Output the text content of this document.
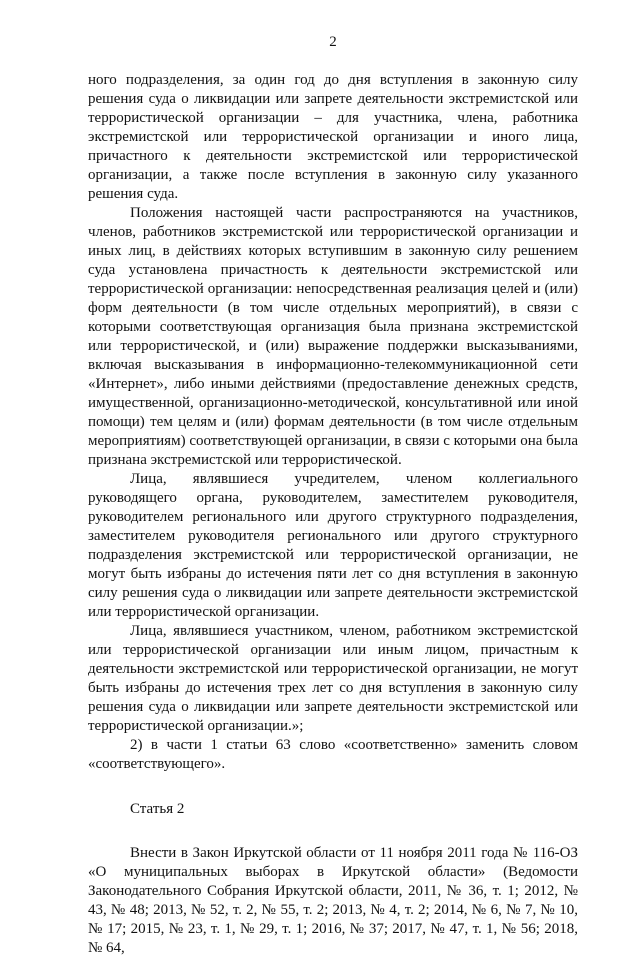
2

ного подразделения, за один год до дня вступления в законную силу решения суда о ликвидации или запрете деятельности экстремистской или террористической организации – для участника, члена, работника экстремистской или террористической организации и иного лица, причастного к деятельности экстремистской или террористической организации, а также после вступления в законную силу указанного решения суда.

Положения настоящей части распространяются на участников, членов, работников экстремистской или террористической организации и иных лиц, в действиях которых вступившим в законную силу решением суда установлена причастность к деятельности экстремистской или террористической организации: непосредственная реализация целей и (или) форм деятельности (в том числе отдельных мероприятий), в связи с которыми соответствующая организация была признана экстремистской или террористической, и (или) выражение поддержки высказываниями, включая высказывания в информационно-телекоммуникационной сети «Интернет», либо иными действиями (предоставление денежных средств, имущественной, организационно-методической, консультативной или иной помощи) тем целям и (или) формам деятельности (в том числе отдельным мероприятиям) соответствующей организации, в связи с которыми она была признана экстремистской или террористической.

Лица, являвшиеся учредителем, членом коллегиального руководящего органа, руководителем, заместителем руководителя, руководителем регионального или другого структурного подразделения, заместителем руководителя регионального или другого структурного подразделения экстремистской или террористической организации, не могут быть избраны до истечения пяти лет со дня вступления в законную силу решения суда о ликвидации или запрете деятельности экстремистской или террористической организации.

Лица, являвшиеся участником, членом, работником экстремистской или террористической организации или иным лицом, причастным к деятельности экстремистской или террористической организации, не могут быть избраны до истечения трех лет со дня вступления в законную силу решения суда о ликвидации или запрете деятельности экстремистской или террористической организации.»;

2) в части 1 статьи 63 слово «соответственно» заменить словом «соответствующего».

Статья 2

Внести в Закон Иркутской области от 11 ноября 2011 года № 116-ОЗ «О муниципальных выборах в Иркутской области» (Ведомости Законодательного Собрания Иркутской области, 2011, № 36, т. 1; 2012, № 43, № 48; 2013, № 52, т. 2, № 55, т. 2; 2013, № 4, т. 2; 2014, № 6, № 7, № 10, № 17; 2015, № 23, т. 1, № 29, т. 1; 2016, № 37; 2017, № 47, т. 1, № 56; 2018, № 64,
